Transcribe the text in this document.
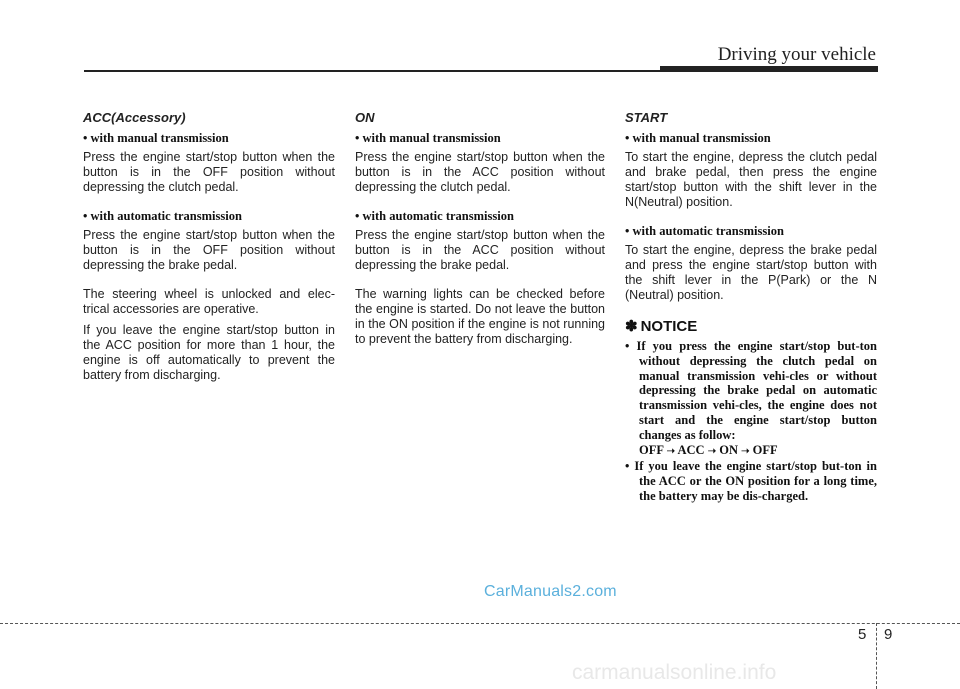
Driving your vehicle

ACC(Accessory)

• with manual transmission

Press the engine start/stop button when the button is in the OFF position without depressing the clutch pedal.

• with automatic transmission

Press the engine start/stop button when the button is in the OFF position without depressing the brake pedal.

The steering wheel is unlocked and elec-trical accessories are operative.

If you leave the engine start/stop button in the ACC position for more than 1 hour, the engine is off automatically to prevent the battery from discharging.

ON

• with manual transmission

Press the engine start/stop button when the button is in the ACC position without depressing the clutch pedal.

• with automatic transmission

Press the engine start/stop button when the button is in the ACC position without depressing the brake pedal.

The warning lights can be checked before the engine is started. Do not leave the button in the ON position if the engine is not running to prevent the battery from discharging.

START

• with manual transmission

To start the engine, depress the clutch pedal and brake pedal, then press the engine start/stop button with the shift lever in the N(Neutral) position.

• with automatic transmission

To start the engine, depress the brake pedal and press the engine start/stop button with the shift lever in the P(Park) or the N (Neutral) position.

✽ NOTICE

• If you press the engine start/stop but-ton without depressing the clutch pedal on manual transmission vehi-cles or without depressing the brake pedal on automatic transmission vehi-cles, the engine does not start and the engine start/stop button changes as follow:
OFF ➝ ACC ➝ ON ➝ OFF

• If you leave the engine start/stop but-ton in the ACC or the ON position for a long time, the battery may be dis-charged.

CarManuals2.com
5 9
carmanualsonline.info
